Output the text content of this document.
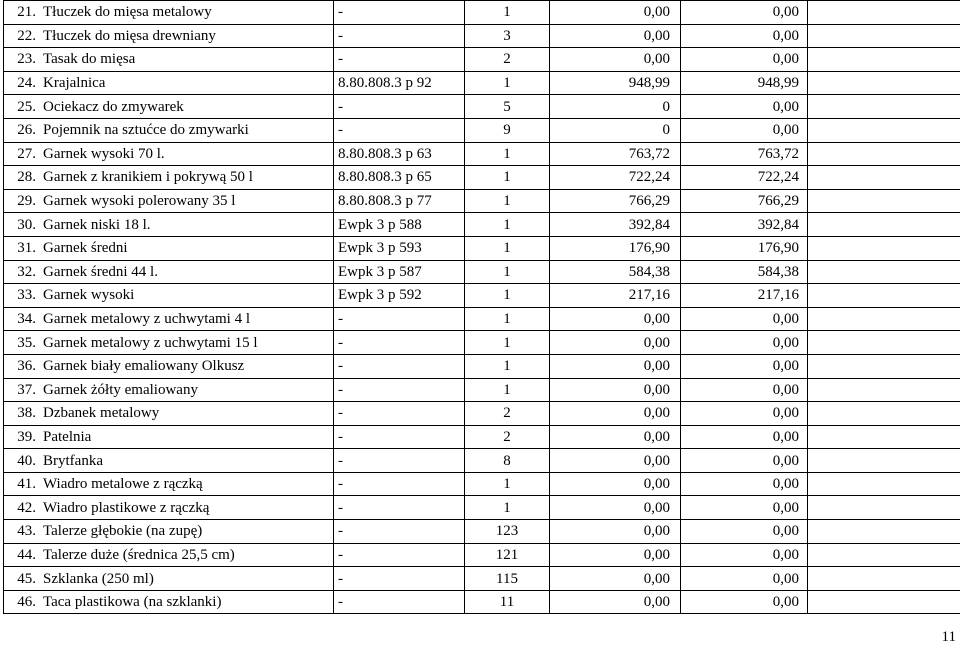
21.	Tłuczek do mięsa metalowy	-	1	0,00	0,00	
22.	Tłuczek do mięsa drewniany	-	3	0,00	0,00	
23.	Tasak do mięsa	-	2	0,00	0,00	
24.	Krajalnica	8.80.808.3 p 92	1	948,99	948,99	
25.	Ociekacz do zmywarek	-	5	0	0,00	
26.	Pojemnik na sztućce do zmywarki	-	9	0	0,00	
27.	Garnek wysoki 70 l.	8.80.808.3 p 63	1	763,72	763,72	
28.	Garnek z kranikiem i pokrywą 50 l	8.80.808.3 p 65	1	722,24	722,24	
29.	Garnek wysoki polerowany 35 l	8.80.808.3 p 77	1	766,29	766,29	
30.	Garnek niski 18 l.	Ewpk 3 p 588	1	392,84	392,84	
31.	Garnek średni	Ewpk 3 p 593	1	176,90	176,90	
32.	Garnek średni 44 l.	Ewpk 3 p 587	1	584,38	584,38	
33.	Garnek wysoki	Ewpk 3 p 592	1	217,16	217,16	
34.	Garnek metalowy z uchwytami 4 l	-	1	0,00	0,00	
35.	Garnek metalowy z uchwytami 15 l	-	1	0,00	0,00	
36.	Garnek biały emaliowany Olkusz	-	1	0,00	0,00	
37.	Garnek żółty emaliowany	-	1	0,00	0,00	
38.	Dzbanek metalowy	-	2	0,00	0,00	
39.	Patelnia	-	2	0,00	0,00	
40.	Brytfanka	-	8	0,00	0,00	
41.	Wiadro metalowe z rączką	-	1	0,00	0,00	
42.	Wiadro plastikowe z rączką	-	1	0,00	0,00	
43.	Talerze głębokie (na zupę)	-	123	0,00	0,00	
44.	Talerze duże (średnica 25,5 cm)	-	121	0,00	0,00	
45.	Szklanka (250 ml)	-	115	0,00	0,00	
46.	Taca plastikowa (na szklanki)	-	11	0,00	0,00	
11
